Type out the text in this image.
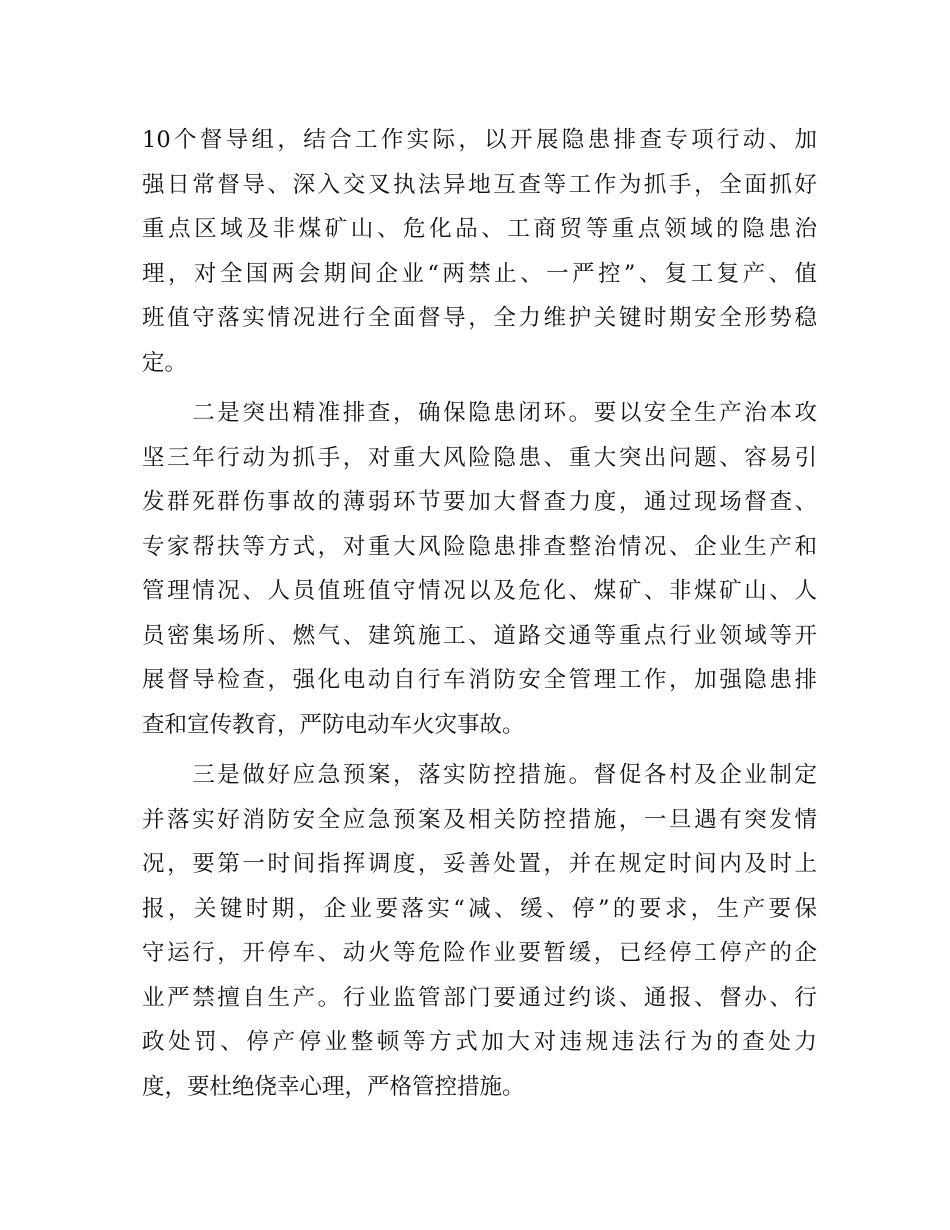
10个督导组，结合工作实际，以开展隐患排查专项行动、加
强日常督导、深入交叉执法异地互查等工作为抓手，全面抓好
重点区域及非煤矿山、危化品、工商贸等重点领域的隐患治
理，对全国两会期间企业“两禁止、一严控”、复工复产、值
班值守落实情况进行全面督导，全力维护关键时期安全形势稳
定。

　　二是突出精准排查，确保隐患闭环。要以安全生产治本攻
坚三年行动为抓手，对重大风险隐患、重大突出问题、容易引
发群死群伤事故的薄弱环节要加大督查力度，通过现场督查、
专家帮扶等方式，对重大风险隐患排查整治情况、企业生产和
管理情况、人员值班值守情况以及危化、煤矿、非煤矿山、人
员密集场所、燃气、建筑施工、道路交通等重点行业领域等开
展督导检查，强化电动自行车消防安全管理工作，加强隐患排
查和宣传教育，严防电动车火灾事故。

　　三是做好应急预案，落实防控措施。督促各村及企业制定
并落实好消防安全应急预案及相关防控措施，一旦遇有突发情
况，要第一时间指挥调度，妥善处置，并在规定时间内及时上
报，关键时期，企业要落实“减、缓、停”的要求，生产要保
守运行，开停车、动火等危险作业要暂缓，已经停工停产的企
业严禁擅自生产。行业监管部门要通过约谈、通报、督办、行
政处罚、停产停业整顿等方式加大对违规违法行为的查处力
度，要杜绝侥幸心理，严格管控措施。
